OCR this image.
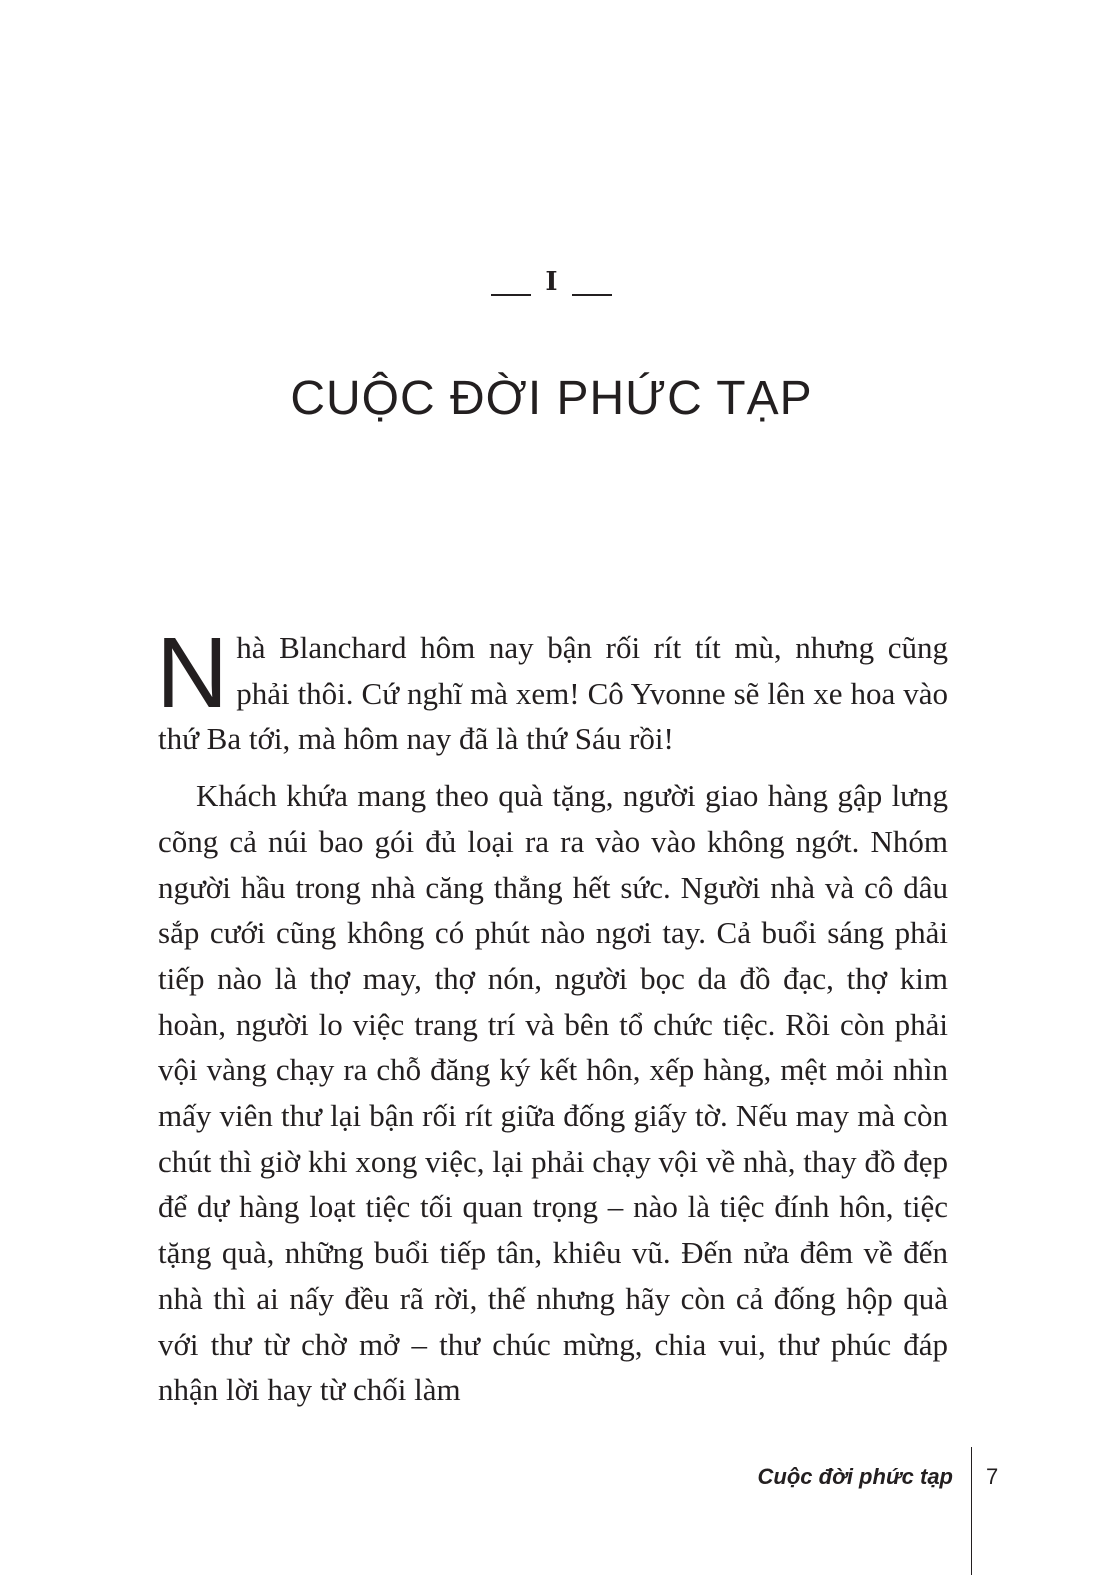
I
CUỘC ĐỜI PHỨC TẠP

Nhà Blanchard hôm nay bận rối rít tít mù, nhưng cũng phải thôi. Cứ nghĩ mà xem! Cô Yvonne sẽ lên xe hoa vào thứ Ba tới, mà hôm nay đã là thứ Sáu rồi!

Khách khứa mang theo quà tặng, người giao hàng gập lưng cõng cả núi bao gói đủ loại ra ra vào vào không ngớt. Nhóm người hầu trong nhà căng thẳng hết sức. Người nhà và cô dâu sắp cưới cũng không có phút nào ngơi tay. Cả buổi sáng phải tiếp nào là thợ may, thợ nón, người bọc da đồ đạc, thợ kim hoàn, người lo việc trang trí và bên tổ chức tiệc. Rồi còn phải vội vàng chạy ra chỗ đăng ký kết hôn, xếp hàng, mệt mỏi nhìn mấy viên thư lại bận rối rít giữa đống giấy tờ. Nếu may mà còn chút thì giờ khi xong việc, lại phải chạy vội về nhà, thay đồ đẹp để dự hàng loạt tiệc tối quan trọng – nào là tiệc đính hôn, tiệc tặng quà, những buổi tiếp tân, khiêu vũ. Đến nửa đêm về đến nhà thì ai nấy đều rã rời, thế nhưng hãy còn cả đống hộp quà với thư từ chờ mở – thư chúc mừng, chia vui, thư phúc đáp nhận lời hay từ chối làm

Cuộc đời phức tạp 7
